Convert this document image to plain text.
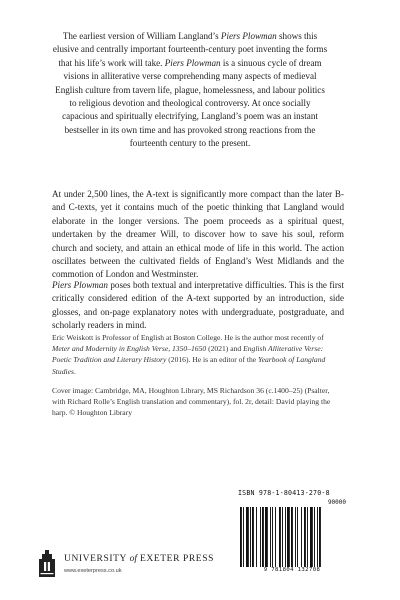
The earliest version of William Langland’s Piers Plowman shows this elusive and centrally important fourteenth-century poet inventing the forms that his life’s work will take. Piers Plowman is a sinuous cycle of dream visions in alliterative verse comprehending many aspects of medieval English culture from tavern life, plague, homelessness, and labour politics to religious devotion and theological controversy. At once socially capacious and spiritually electrifying, Langland’s poem was an instant bestseller in its own time and has provoked strong reactions from the fourteenth century to the present.

At under 2,500 lines, the A-text is significantly more compact than the later B- and C-texts, yet it contains much of the poetic thinking that Langland would elaborate in the longer versions. The poem proceeds as a spiritual quest, undertaken by the dreamer Will, to discover how to save his soul, reform church and society, and attain an ethical mode of life in this world. The action oscillates between the cultivated fields of England’s West Midlands and the commotion of London and Westminster.

Piers Plowman poses both textual and interpretative difficulties. This is the first critically considered edition of the A-text supported by an introduction, side glosses, and on-page explanatory notes with undergraduate, postgraduate, and scholarly readers in mind.

Eric Weiskott is Professor of English at Boston College. He is the author most recently of Meter and Modernity in English Verse, 1350–1650 (2021) and English Alliterative Verse: Poetic Tradition and Literary History (2016). He is an editor of the Yearbook of Langland Studies.

Cover image: Cambridge, MA, Houghton Library, MS Richardson 36 (c.1400–25) (Psalter, with Richard Rolle’s English translation and commentary), fol. 2r, detail: David playing the harp. © Houghton Library

ISBN 978-1-80413-270-8
90000
9 781804 132708
UNIVERSITY of EXETER PRESS
www.exeterpress.co.uk
